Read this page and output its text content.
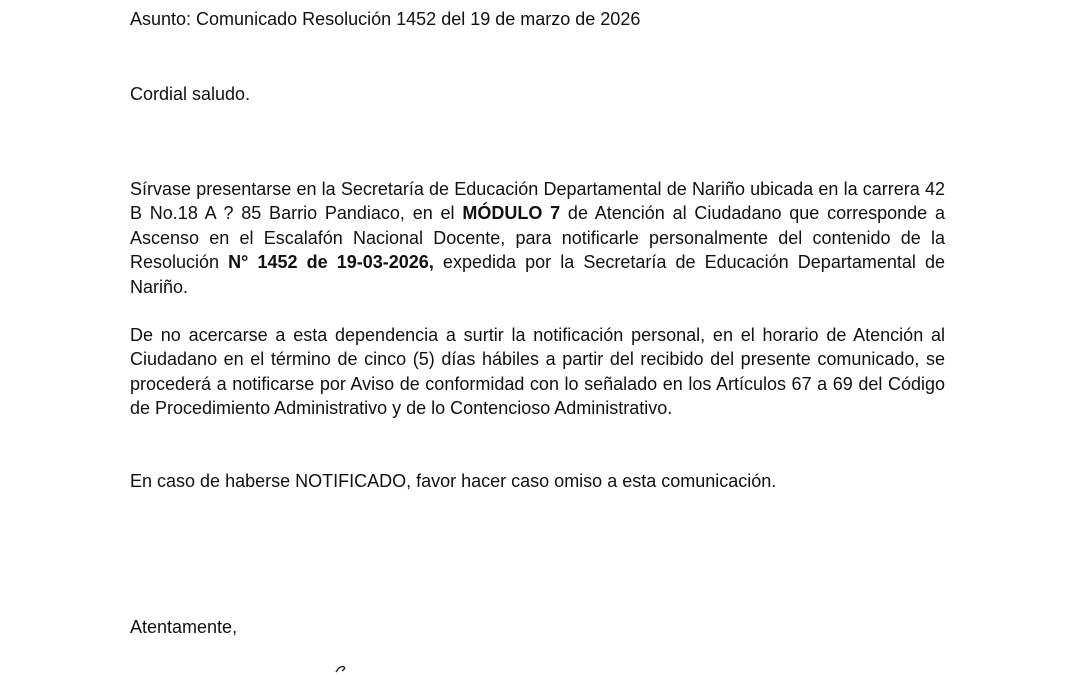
Asunto: Comunicado Resolución 1452 del 19 de marzo de 2026

Cordial saludo.

Sírvase presentarse en la Secretaría de Educación Departamental de Nariño ubicada en la carrera 42 B No.18 A ? 85 Barrio Pandiaco, en el MÓDULO 7 de Atención al Ciudadano que corresponde a Ascenso en el Escalafón Nacional Docente, para notificarle personalmente del contenido de la Resolución N° 1452 de 19-03-2026, expedida por la Secretaría de Educación Departamental de Nariño.

De no acercarse a esta dependencia a surtir la notificación personal, en el horario de Atención al Ciudadano en el término de cinco (5) días hábiles a partir del recibido del presente comunicado, se procederá a notificarse por Aviso de conformidad con lo señalado en los Artículos 67 a 69 del Código de Procedimiento Administrativo y de lo Contencioso Administrativo.

En caso de haberse NOTIFICADO, favor hacer caso omiso a esta comunicación.

Atentamente,
